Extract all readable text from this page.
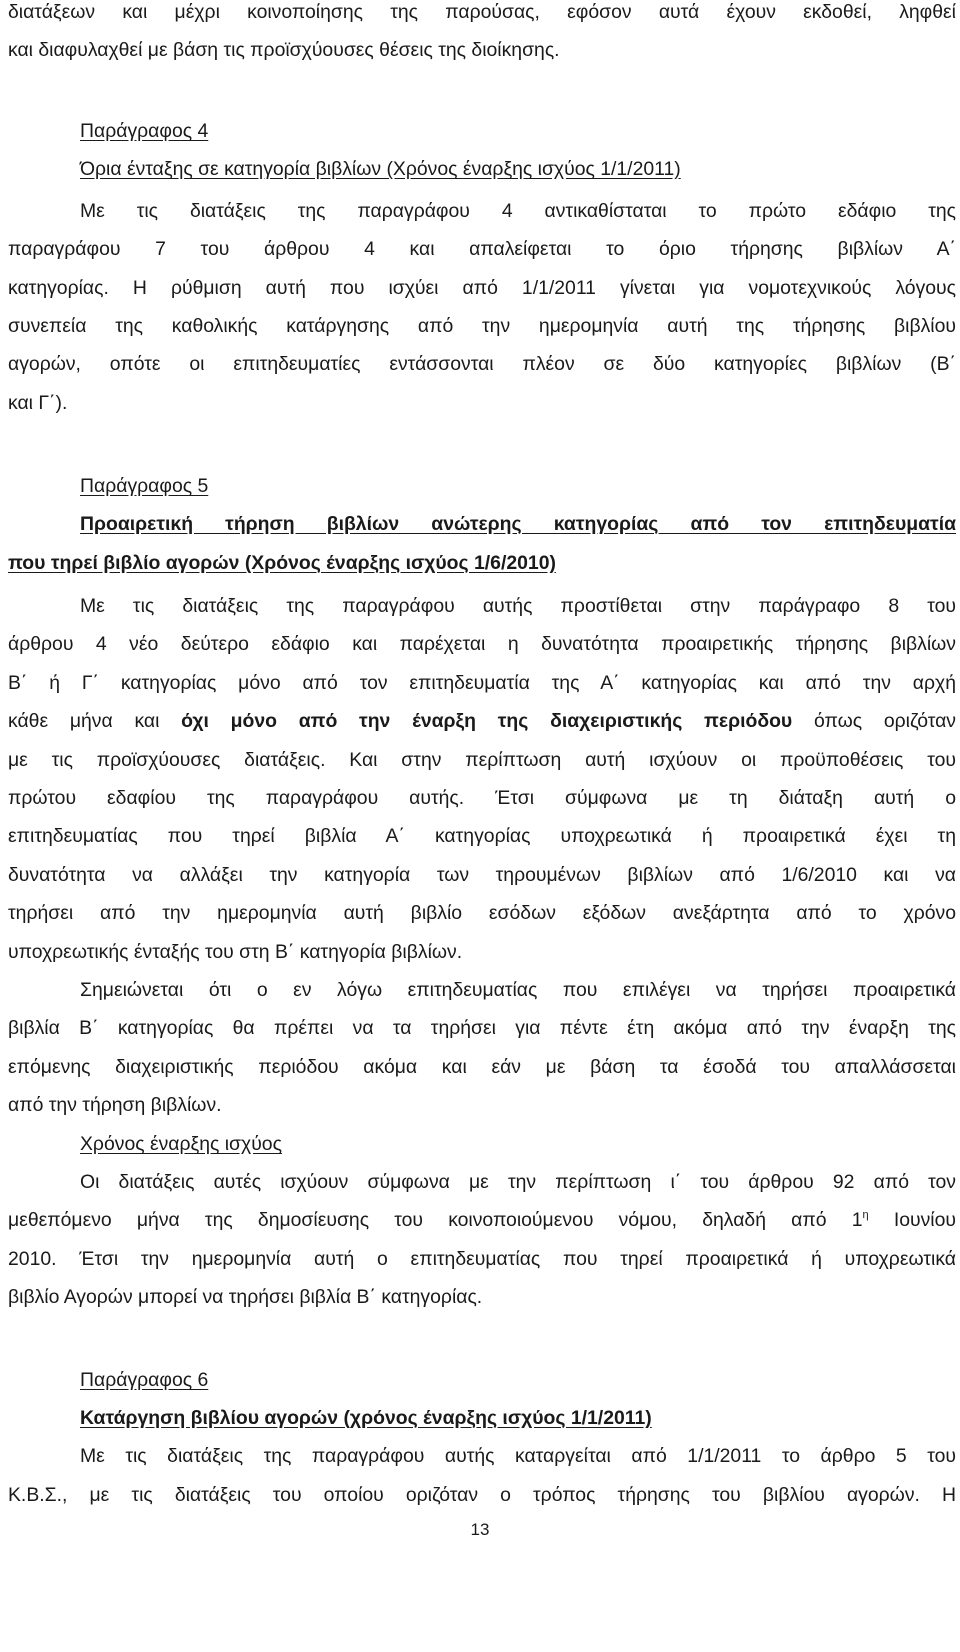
διατάξεων και μέχρι κοινοποίησης της παρούσας, εφόσον αυτά έχουν εκδοθεί, ληφθεί
και διαφυλαχθεί με βάση τις προϊσχύουσες θέσεις της διοίκησης.
Παράγραφος 4
Όρια ένταξης σε κατηγορία βιβλίων (Χρόνος έναρξης ισχύος 1/1/2011)
Με τις διατάξεις της παραγράφου 4 αντικαθίσταται το πρώτο εδάφιο της
παραγράφου 7 του άρθρου 4 και απαλείφεται το όριο τήρησης βιβλίων Α΄
κατηγορίας. Η ρύθμιση αυτή που ισχύει από 1/1/2011 γίνεται για νομοτεχνικούς λόγους
συνεπεία της καθολικής κατάργησης από την ημερομηνία αυτή της τήρησης βιβλίου
αγορών, οπότε οι επιτηδευματίες εντάσσονται πλέον σε δύο κατηγορίες βιβλίων (Β΄
και Γ΄).
Παράγραφος 5
Προαιρετική τήρηση βιβλίων ανώτερης κατηγορίας από τον επιτηδευματία
που τηρεί βιβλίο αγορών (Χρόνος έναρξης ισχύος 1/6/2010)
Με τις διατάξεις της παραγράφου αυτής προστίθεται στην παράγραφο 8 του
άρθρου 4 νέο δεύτερο εδάφιο και παρέχεται η δυνατότητα προαιρετικής τήρησης βιβλίων
Β΄ ή Γ΄ κατηγορίας μόνο από τον επιτηδευματία της Α΄ κατηγορίας και από την αρχή
κάθε μήνα και όχι μόνο από την έναρξη της διαχειριστικής περιόδου όπως οριζόταν
με τις προϊσχύουσες διατάξεις. Και στην περίπτωση αυτή ισχύουν οι προϋποθέσεις του
πρώτου εδαφίου της παραγράφου αυτής. Έτσι σύμφωνα με τη διάταξη αυτή ο
επιτηδευματίας που τηρεί βιβλία Α΄ κατηγορίας υποχρεωτικά ή προαιρετικά έχει τη
δυνατότητα να αλλάξει την κατηγορία των τηρουμένων βιβλίων από 1/6/2010 και να
τηρήσει από την ημερομηνία αυτή βιβλίο εσόδων εξόδων ανεξάρτητα από το χρόνο
υποχρεωτικής ένταξής του στη Β΄ κατηγορία βιβλίων.
Σημειώνεται ότι ο εν λόγω επιτηδευματίας που επιλέγει να τηρήσει προαιρετικά
βιβλία Β΄ κατηγορίας θα πρέπει να τα τηρήσει για πέντε έτη ακόμα από την έναρξη της
επόμενης διαχειριστικής περιόδου ακόμα και εάν με βάση τα έσοδά του απαλλάσσεται
από την τήρηση βιβλίων.
Χρόνος έναρξης ισχύος
Οι διατάξεις αυτές ισχύουν σύμφωνα με την περίπτωση ι΄ του άρθρου 92 από τον
μεθεπόμενο μήνα της δημοσίευσης του κοινοποιούμενου νόμου, δηλαδή από $1^\eta$ Ιουνίου
2010. Έτσι την ημερομηνία αυτή ο επιτηδευματίας που τηρεί προαιρετικά ή υποχρεωτικά
βιβλίο Αγορών μπορεί να τηρήσει βιβλία Β΄ κατηγορίας.
Παράγραφος 6
Κατάργηση βιβλίου αγορών (χρόνος έναρξης ισχύος 1/1/2011)
Με τις διατάξεις της παραγράφου αυτής καταργείται από 1/1/2011 το άρθρο 5 του
Κ.Β.Σ., με τις διατάξεις του οποίου οριζόταν ο τρόπος τήρησης του βιβλίου αγορών. Η
13
